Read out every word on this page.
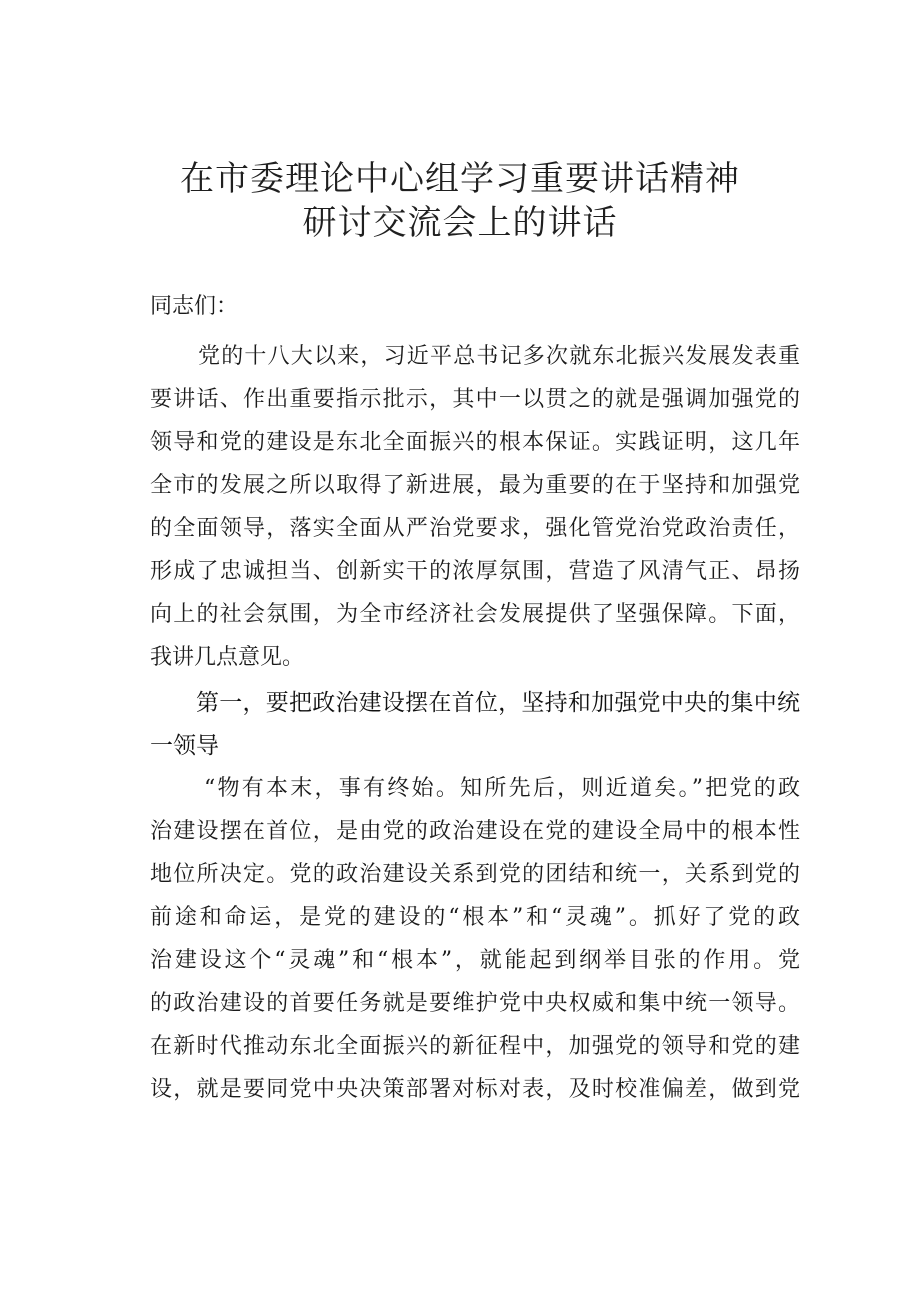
在市委理论中心组学习重要讲话精神
研讨交流会上的讲话
同志们：
党的十八大以来，习近平总书记多次就东北振兴发展发表重
要讲话、作出重要指示批示，其中一以贯之的就是强调加强党的
领导和党的建设是东北全面振兴的根本保证。实践证明，这几年
全市的发展之所以取得了新进展，最为重要的在于坚持和加强党
的全面领导，落实全面从严治党要求，强化管党治党政治责任，
形成了忠诚担当、创新实干的浓厚氛围，营造了风清气正、昂扬
向上的社会氛围，为全市经济社会发展提供了坚强保障。下面，
我讲几点意见。
第一，要把政治建设摆在首位，坚持和加强党中央的集中统
一领导
“物有本末，事有终始。知所先后，则近道矣。”把党的政
治建设摆在首位，是由党的政治建设在党的建设全局中的根本性
地位所决定。党的政治建设关系到党的团结和统一，关系到党的
前途和命运，是党的建设的“根本”和“灵魂”。抓好了党的政
治建设这个“灵魂”和“根本”，就能起到纲举目张的作用。党
的政治建设的首要任务就是要维护党中央权威和集中统一领导。
在新时代推动东北全面振兴的新征程中，加强党的领导和党的建
设，就是要同党中央决策部署对标对表，及时校准偏差，做到党
